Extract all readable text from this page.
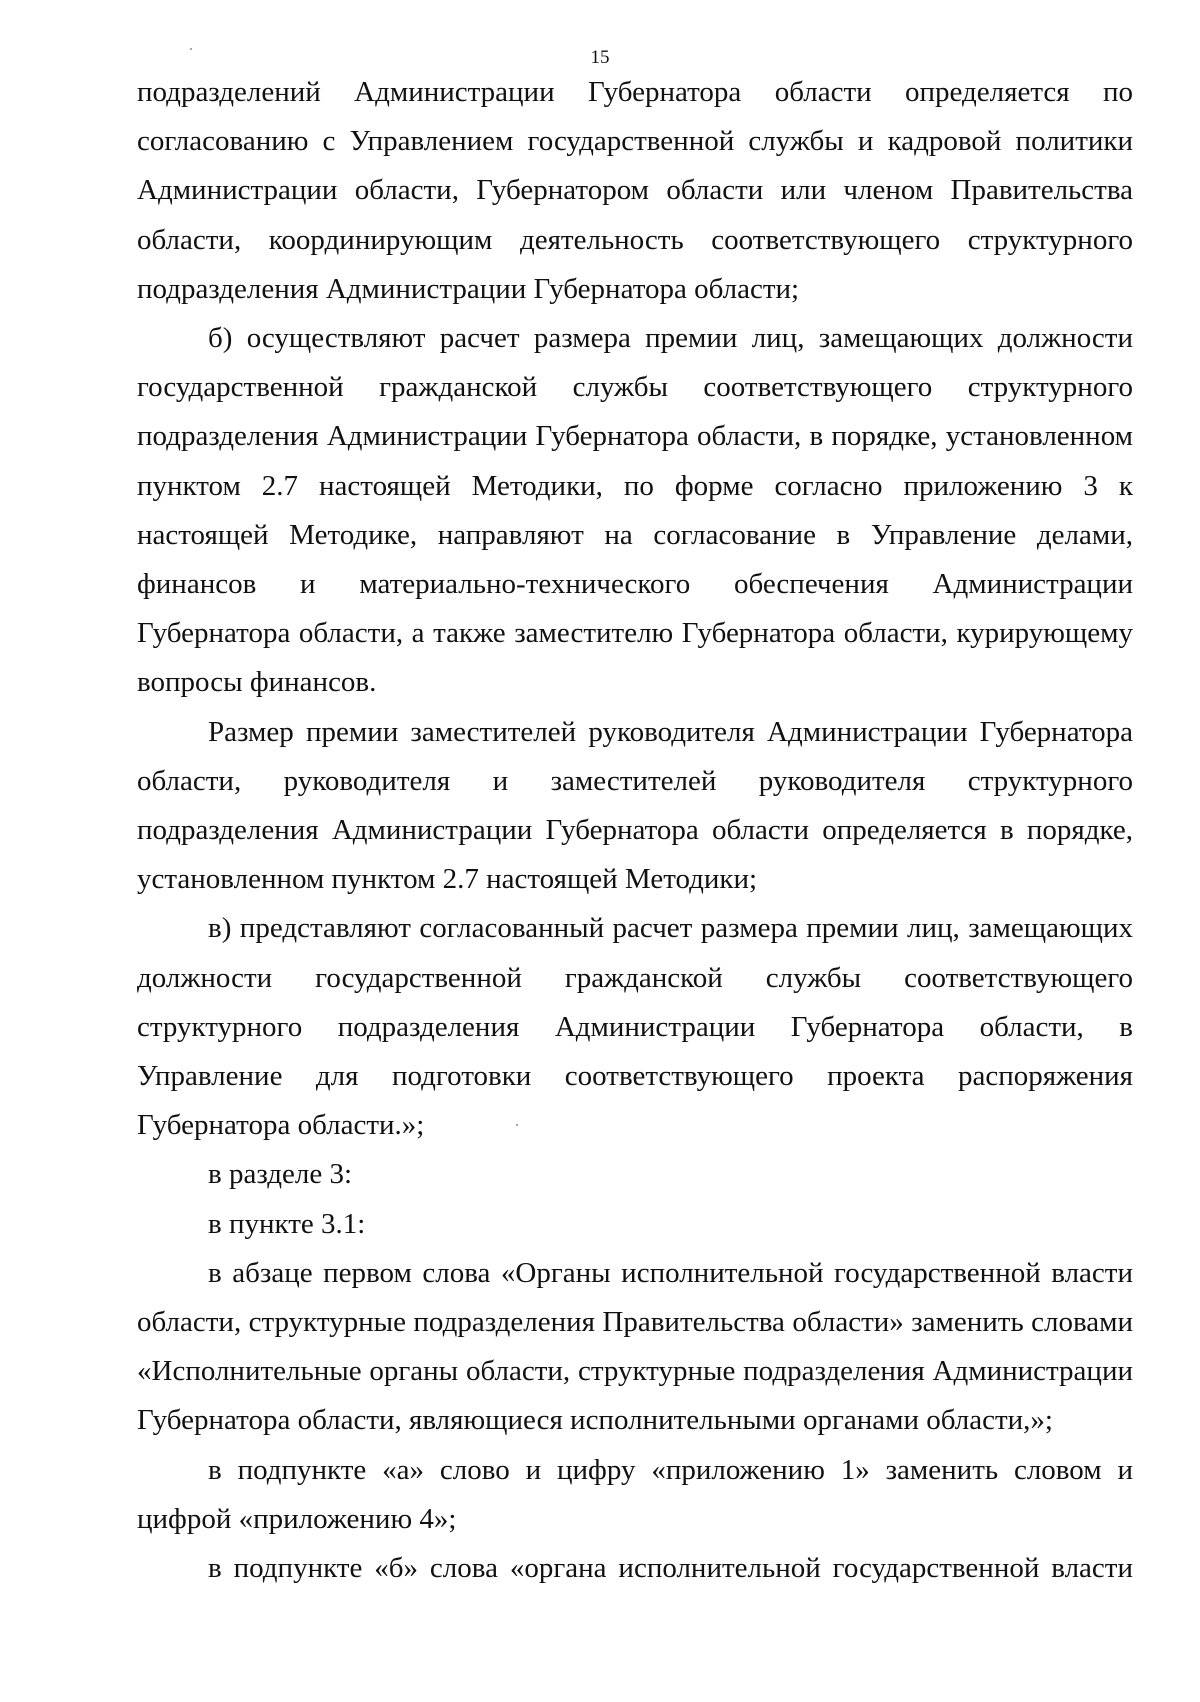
15

подразделений Администрации Губернатора области определяется по согласованию с Управлением государственной службы и кадровой политики Администрации области, Губернатором области или членом Правительства области, координирующим деятельность соответствующего структурного подразделения Администрации Губернатора области;

б) осуществляют расчет размера премии лиц, замещающих должности государственной гражданской службы соответствующего структурного подразделения Администрации Губернатора области, в порядке, установленном пунктом 2.7 настоящей Методики, по форме согласно приложению 3 к настоящей Методике, направляют на согласование в Управление делами, финансов и материально-технического обеспечения Администрации Губернатора области, а также заместителю Губернатора области, курирующему вопросы финансов.

Размер премии заместителей руководителя Администрации Губернатора области, руководителя и заместителей руководителя структурного подразделения Администрации Губернатора области определяется в порядке, установленном пунктом 2.7 настоящей Методики;

в) представляют согласованный расчет размера премии лиц, замещающих должности государственной гражданской службы соответствующего структурного подразделения Администрации Губернатора области, в Управление для подготовки соответствующего проекта распоряжения Губернатора области.»;

в разделе 3:

в пункте 3.1:

в абзаце первом слова «Органы исполнительной государственной власти области, структурные подразделения Правительства области» заменить словами «Исполнительные органы области, структурные подразделения Администрации Губернатора области, являющиеся исполнительными органами области,»;

в подпункте «а» слово и цифру «приложению 1» заменить словом и цифрой «приложению 4»;

в подпункте «б» слова «органа исполнительной государственной власти
